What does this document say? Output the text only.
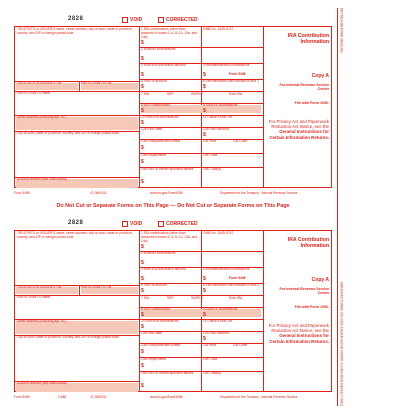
DETACH BEFORE MAILING
MANUFACTURED ON OCR LASER BOND PAPER USING RED REFLEX INKS
2828	VOID	CORRECTED
TRUSTEE'S or ISSUER'S name, street address, city or town, state or province, country, and ZIP or foreign postal code
TRUSTEE'S or ISSUER'S TIN	PARTICIPANT'S TIN
PARTICIPANT'S name
Street address (including apt. no.)
City or town, state or province, country, and ZIP or foreign postal code
Account number (see instructions)
1 IRA contributions (other than amounts in boxes 2–4, 8–10, 13a, and 14a)
$
OMB No. 1545-0747
Form 5498
2 Rollover contributions
$
3 Roth IRA conversion amount
$
4 Recharacterized contributions
$
5 FMV of account
$
6 Life insurance cost included in box 1
$
7 IRA	SEP	SIMPLE	Roth IRA
8 SEP contributions	9 SIMPLE contributions
$	$
10 Roth IRA contributions
$
11 Check if RMD for
12a RMD date	12b RMD amount
$
13a Postponed/late contrib.
$
13b Year	13c Code
14a Repayments
$
14b Code
15a FMV of certain specified assets
$
15b Code(s)
IRA Contribution Information
Copy A
For Internal Revenue Service Center
File with Form 1096.
For Privacy Act and Paperwork Reduction Act Notice, see the General Instructions for Certain Information Returns.
Form 5498	47-0663011	www.irs.gov/Form5498	Department of the Treasury - Internal Revenue Service
Do Not Cut or Separate Forms on This Page — Do Not Cut or Separate Forms on This Page
2828	VOID	CORRECTED
TRUSTEE'S or ISSUER'S name, street address, city or town, state or province, country, and ZIP or foreign postal code
TRUSTEE'S or ISSUER'S TIN	PARTICIPANT'S TIN
PARTICIPANT'S name
Street address (including apt. no.)
City or town, state or province, country, and ZIP or foreign postal code
Account number (see instructions)
1 IRA contributions (other than amounts in boxes 2–4, 8–10, 13a, and 14a)
$
OMB No. 1545-0747
Form 5498
2 Rollover contributions
$
3 Roth IRA conversion amount
$
4 Recharacterized contributions
$
5 FMV of account
$
6 Life insurance cost included in box 1
$
7 IRA	SEP	SIMPLE	Roth IRA
8 SEP contributions	9 SIMPLE contributions
$	$
10 Roth IRA contributions
$
11 Check if RMD for
12a RMD date	12b RMD amount
$
13a Postponed/late contrib.
$
13b Year	13c Code
14a Repayments
$
14b Code
15a FMV of certain specified assets
$
15b Code(s)
IRA Contribution Information
Copy A
For Internal Revenue Service Center
File with Form 1096.
For Privacy Act and Paperwork Reduction Act Notice, see the General Instructions for Certain Information Returns.
Form 5498	2-888	47-0663011	www.irs.gov/Form5498	Department of the Treasury - Internal Revenue Service
